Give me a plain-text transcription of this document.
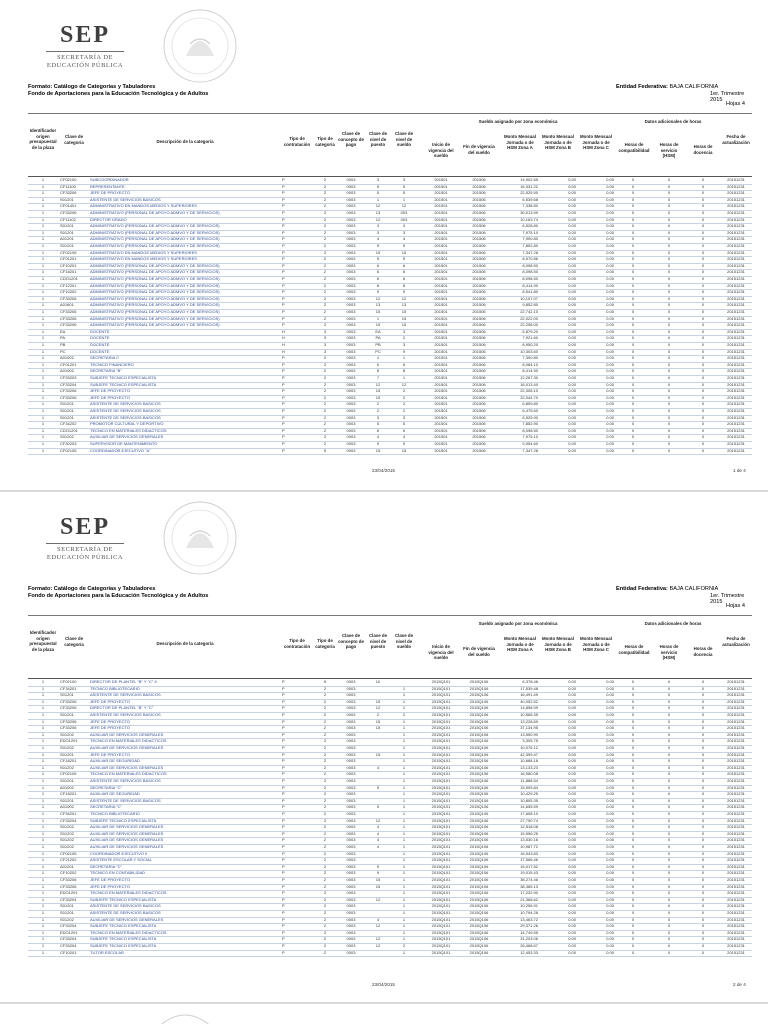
SEP
SECRETARÍA DE
EDUCACIÓN PÚBLICA
Formato: Catálogo de Categorías y Tabuladores
Fondo de Aportaciones para la Educación Tecnológica y de Adultos
Entidad Federativa: BAJA CALIFORNIA
1er. Trimestre 2015
Hojas 4
Identificador origen presupuestal de la plaza
Clave de categoría	Descripción de la categoría
Tipo de contratación
Tipo de categoría
Clave de concepto de pago
Clave de nivel de puesto
Clave de nivel de sueldo
Sueldo asignado por zona económica
Inicio de vigencia del sueldo
Fin de vigencia del sueldo
Monto Mensual Jornada o de HSM Zona A
Monto Mensual Jornada o de HSM Zona B
Monto Mensual Jornada o de HSM Zona C
Datos adicionales de horas
Horas de compatibilidad
Horas de servicio (HSM)
Horas de docencia
Fecha de actualización
1	CF02100	SUBCOORDINADOR	P	2	0003	3	3	201501	201506	14,902.65	0.00	0.00	0	0	0	20151231
1	CF11100	REPRESENTANTE	P	2	0003	5	5	201501	201506	16,331.22	0.00	0.00	0	0	0	20151231
1	CF33206	JEFE DE PROYECTO	P	2	0003	5	5	201501	201506	22,525.50	0.00	0.00	0	0	0	20151231
1	S01201	ASISTENTE DE SERVICIOS BASICOS	P	2	0003	1	1	201501	201506	6,539.68	0.00	0.00	0	0	0	20151231
1	CF01401	ADMINISTRATIVO EN MANDOS MEDIOS Y SUPERIORES	P	2	0003	12	12	201501	201506	7,338.80	0.00	0.00	0	0	0	20151231
1	CF33206	ADMINISTRATIVO (PERSONAL DE APOYO ADMVO Y DE SERVICIOS)	P	2	0003	13	003	201501	201506	30,013.99	0.00	0.00	0	0	0	20151231
1	CF11102	DIRECTOR GRADO	P	2	0003	12	003	201501	201506	10,163.74	0.00	0.00	0	0	0	20151231
1	S01201	ADMINISTRATIVO (PERSONAL DE APOYO ADMVO Y DE SERVICIOS)	P	2	0003	3	3	201501	201506	6,528.80	0.00	0.00	0	0	0	20151231
1	S01201	ADMINISTRATIVO (PERSONAL DE APOYO ADMVO Y DE SERVICIOS)	P	2	0003	3	3	201501	201506	7,975.10	0.00	0.00	0	0	0	20151231
1	A01201	ADMINISTRATIVO (PERSONAL DE APOYO ADMVO Y DE SERVICIOS)	P	2	0003	4	4	201501	201506	7,900.80	0.00	0.00	0	0	0	20151231
1	S01201	ADMINISTRATIVO (PERSONAL DE APOYO ADMVO Y DE SERVICIOS)	P	2	0003	5	5	201501	201506	7,852.80	0.00	0.00	0	0	0	20151231
1	CF02105	ADMINISTRATIVO EN MANDOS MEDIOS Y SUPERIORES	P	2	0003	15	15	201501	201506	7,347.28	0.00	0.00	0	0	0	20151231
1	CF01201	ADMINISTRATIVO EN MANDOS MEDIOS Y SUPERIORES	P	2	0003	5	5	201501	201506	8,570.86	0.00	0.00	0	0	0	20151231
1	CF10201	ADMINISTRATIVO (PERSONAL DE APOYO ADMVO Y DE SERVICIOS)	P	2	0003	6	6	201501	201506	8,098.50	0.00	0.00	0	0	0	20151231
1	CF18201	ADMINISTRATIVO (PERSONAL DE APOYO ADMVO Y DE SERVICIOS)	P	2	0003	6	6	201501	201506	8,098.50	0.00	0.00	0	0	0	20151231
1	CDO1201	ADMINISTRATIVO (PERSONAL DE APOYO ADMVO Y DE SERVICIOS)	P	2	0003	6	6	201501	201506	8,098.50	0.00	0.00	0	0	0	20151231
1	CF12201	ADMINISTRATIVO (PERSONAL DE APOYO ADMVO Y DE SERVICIOS)	P	2	0003	8	8	201501	201506	8,414.90	0.00	0.00	0	0	0	20151231
1	CF10202	ADMINISTRATIVO (PERSONAL DE APOYO ADMVO Y DE SERVICIOS)	P	2	0003	9	9	201501	201506	8,541.80	0.00	0.00	0	0	0	20151231
1	CF33206	ADMINISTRATIVO (PERSONAL DE APOYO ADMVO Y DE SERVICIOS)	P	2	0003	12	12	201501	201506	10,107.07	0.00	0.00	0	0	0	20151231
1	A01801	ADMINISTRATIVO (PERSONAL DE APOYO ADMVO Y DE SERVICIOS)	P	2	0003	13	13	201501	201506	9,852.80	0.00	0.00	0	0	0	20151231
1	CF33206	ADMINISTRATIVO (PERSONAL DE APOYO ADMVO Y DE SERVICIOS)	P	2	0003	15	15	201501	201506	22,742.10	0.00	0.00	0	0	0	20151231
1	CF33206	ADMINISTRATIVO (PERSONAL DE APOYO ADMVO Y DE SERVICIOS)	P	2	0003	1	15	201501	201506	22,022.00	0.00	0.00	0	0	0	20151231
1	CF33206	ADMINISTRATIVO (PERSONAL DE APOYO ADMVO Y DE SERVICIOS)	P	2	0003	15	15	201501	201506	22,258.00	0.00	0.00	0	0	0	20151231
1	EA	DOCENTE	H	3	0003	EA	3	201501	201506	5,879.20	0.00	0.00	0	0	0	20151231
1	PA	DOCENTE	H	3	0003	PA	2	201501	201506	7,921.60	0.00	0.00	0	0	0	20151231
1	PB	DOCENTE	H	3	0003	PB	3	201501	201506	8,950.20	0.00	0.00	0	0	0	20151231
1	PC	DOCENTE	H	3	0003	PC	9	201501	201506	10,303.60	0.00	0.00	0	0	0	20151231
1	A01002	SECRETARIA C	P	2	0003	1	1	201501	201506	7,390.80	0.00	0.00	0	0	0	20151231
1	CF01201	TECNICO FINANCIERO	P	2	0003	6	6	201501	201506	8,084.10	0.00	0.00	0	0	0	20151231
1	A01002	SECRETARIA "B"	P	2	0003	8	8	201501	201506	8,414.90	0.00	0.00	0	0	0	20151231
1	CF33203	SUBJEFE TECNICO ESPECIALISTA	P	2	0003	7	1	201501	201506	12,267.30	0.00	0.00	0	0	0	20151231
1	CF33204	SUBJEFE TECNICO ESPECIALISTA	P	2	0003	12	12	201501	201506	16,013.40	0.00	0.00	0	0	0	20151231
1	CF33206	JEFE DE PROYECTO	P	2	0003	15	2	201501	201506	22,308.10	0.00	0.00	0	0	0	20151231
1	CF33206	JEFE DE PROYECTO	P	2	0003	15	2	201501	201506	22,044.70	0.00	0.00	0	0	0	20151231
1	S01201	ASISTENTE DE SERVICIOS BASICOS	P	2	0003	2	2	201501	201506	6,859.80	0.00	0.00	0	0	0	20151231
1	S01201	ASISTENTE DE SERVICIOS BASICOS	P	2	0003	2	2	201501	201506	6,475.60	0.00	0.00	0	0	0	20151231
1	S01201	ASISTENTE DE SERVICIOS BASICOS	P	2	0003	3	3	201501	201506	6,525.90	0.00	0.00	0	0	0	20151231
1	CF34202	PROMOTOR CULTURAL Y DEPORTIVO	P	2	0003	5	5	201501	201506	7,852.90	0.00	0.00	0	0	0	20151231
1	CDO1201	TECNICO EN MATERIALES DIDACTICOS	P	2	0003	6	6	201501	201506	8,098.50	0.00	0.00	0	0	0	20151231
1	S01202	AUXILIAR DE SERVICIOS GENERALES	P	2	0003	4	4	201501	201506	7,975.10	0.00	0.00	0	0	0	20151231
1	CF30203	SUPERVISOR DE MANTENIMIENTO	P	2	0003	9	9	201501	201506	9,054.60	0.00	0.00	0	0	0	20151231
1	CF02105	COORDINADOR EJECUTIVO "A"	P	5	0003	15	15	201501	201506	7,347.28	0.00	0.00	0	0	0	20151231
23/04/2015	1 de 4
SEP
SECRETARÍA DE
EDUCACIÓN PÚBLICA
Formato: Catálogo de Categorías y Tabuladores
Fondo de Aportaciones para la Educación Tecnológica y de Adultos
Entidad Federativa: BAJA CALIFORNIA
1er. Trimestre 2015
Hojas 4
Identificador origen presupuestal de la plaza
Clave de categoría	Descripción de la categoría
Tipo de contratación
Tipo de categoría
Clave de concepto de pago
Clave de nivel de puesto
Clave de nivel de sueldo
Sueldo asignado por zona económica
Inicio de vigencia del sueldo
Fin de vigencia del sueldo
Monto Mensual Jornada o de HSM Zona A
Monto Mensual Jornada o de HSM Zona B
Monto Mensual Jornada o de HSM Zona C
Datos adicionales de horas
Horas de compatibilidad
Horas de servicio (HSM)
Horas de docencia
Fecha de actualización
1	CF02100	DIRECTOR DE PLANTEL "B" Y "C" II	P	5	0003	10	2015Q101	2015Q106	6,378.46	0.00	0.00	0	0	0	20151231
1	CF34201	TECNICO BIBLIOTECARIO	P	2	0003	1	2015Q101	2015Q106	17,539.48	0.00	0.00	0	0	0	20151231
1	S01201	ASISTENTE DE SERVICIOS BASICOS	P	2	0003	1	2015Q101	2015Q106	16,491.49	0.00	0.00	0	0	0	20151231
1	CF33206	JEFE DE PROYECTO	P	2	0003	15	1	2015Q101	2015Q106	40,052.52	0.00	0.00	0	0	0	20151231
1	CF33206	DIRECTOR DE PLANTEL "B" Y "C"	P	2	0003	12	1	2015Q101	2015Q106	14,858.99	0.00	0.00	0	0	0	20151231
1	S01201	ASISTENTE DE SERVICIOS BASICOS	P	2	0003	2	2	2015Q101	2015Q106	10,565.35	0.00	0.00	0	0	0	20151231
1	CF33206	JEFE DE PROYECTO	P	2	0003	15	1	2015Q101	2015Q106	13,228.69	0.00	0.00	0	0	0	20151231
1	CF33206	JEFE DE PROYECTO	P	2	0003	15	1	2015Q101	2015Q106	37,134.95	0.00	0.00	0	0	0	20151231
1	S01202	AUXILIAR DE SERVICIOS GENERALES	P	2	0003	1	2015Q101	2015Q106	13,550.90	0.00	0.00	0	0	0	20151231
1	EDO1201	TECNICO EN MATERIALES DIDACTICOS	P	2	0003	1	2015Q101	2015Q106	3,305.75	0.00	0.00	0	0	0	20151231
1	S01202	AUXILIAR DE SERVICIOS GENERALES	P	2	0003	1	2015Q101	2015Q106	10,076.12	0.00	0.00	0	0	0	20151231
1	S01201	JEFE DE PROYECTO	P	2	0003	15	1	2015Q101	2015Q106	42,399.47	0.00	0.00	0	0	0	20151231
1	CF18201	AUXILIAR DE SEGURIDAD	P	2	0003	1	2015Q101	2015Q106	10,688.16	0.00	0.00	0	0	0	20151231
1	S01202	AUXILIAR DE SERVICIOS GENERALES	P	2	0003	4	1	2015Q101	2015Q106	13,133.23	0.00	0.00	0	0	0	20151231
1	CF02105	TECNICO EN MATERIALES DIDACTICOS	P	2	0003	1	2015Q101	2015Q106	16,980.08	0.00	0.00	0	0	0	20151231
1	S01201	ASISTENTE DE SERVICIOS BASICOS	P	2	0003	1	2015Q101	2015Q106	11,888.54	0.00	0.00	0	0	0	20151231
1	A01002	SECRETARIA "C"	P	2	0003	5	1	2015Q101	2015Q106	15,993.84	0.00	0.00	0	0	0	20151231
1	CF18201	AUXILIAR DE SEGURIDAD	P	2	0003	1	2015Q101	2015Q106	10,429.25	0.00	0.00	0	0	0	20151231
1	S01201	ASISTENTE DE SERVICIOS BASICOS	P	2	0003	1	2015Q101	2015Q106	10,805.35	0.00	0.00	0	0	0	20151231
1	A01002	SECRETARIA "C"	P	2	0003	5	1	2015Q101	2015Q106	14,655.59	0.00	0.00	0	0	0	20151231
1	CF34201	TECNICO BIBLIOTECARIO	P	2	0003	1	2015Q101	2015Q106	17,608.10	0.00	0.00	0	0	0	20151231
1	CF33204	SUBJEFE TECNICO ESPECIALISTA	P	2	0003	12	1	2015Q101	2015Q106	27,790.74	0.00	0.00	0	0	0	20151231
1	S01202	AUXILIAR DE SERVICIOS GENERALES	P	2	0003	4	1	2015Q101	2015Q106	12,518.08	0.00	0.00	0	0	0	20151231
1	S01202	AUXILIAR DE SERVICIOS GENERALES	P	2	0003	4	1	2015Q101	2015Q106	15,956.25	0.00	0.00	0	0	0	20151231
1	S01202	AUXILIAR DE SERVICIOS GENERALES	P	2	0003	4	1	2015Q101	2015Q106	13,530.16	0.00	0.00	0	0	0	20151231
1	S01202	AUXILIAR DE SERVICIOS GENERALES	P	2	0003	4	1	2015Q101	2015Q106	10,987.72	0.00	0.00	0	0	0	20151231
1	CF02105	COORDINADOR EJECUTIVO II	P	2	0003	1	2015Q101	2015Q106	16,943.83	0.00	0.00	0	0	0	20151231
1	CF21202	ASISTENTE ESCOLAR Y SOCIAL	P	2	0003	1	2015Q101	2015Q106	17,566.46	0.00	0.00	0	0	0	20151231
1	A01201	SECRETARIA "C"	P	2	0003	5	1	2015Q101	2015Q106	15,017.52	0.00	0.00	0	0	0	20151231
1	CF10202	TECNICO EN CONTABILIDAD	P	2	0003	9	1	2015Q101	2015Q106	19,015.43	0.00	0.00	0	0	0	20151231
1	CF33206	JEFE DE PROYECTO	P	2	0003	15	1	2015Q101	2015Q106	38,274.46	0.00	0.00	0	0	0	20151231
1	CF33206	JEFE DE PROYECTO	P	2	0003	15	1	2015Q101	2015Q106	38,385.13	0.00	0.00	0	0	0	20151231
1	EDO1201	TECNICO EN MATERIALES DIDACTICOS	P	2	0003	1	2015Q101	2015Q106	17,232.90	0.00	0.00	0	0	0	20151231
1	CF33204	SUBJEFE TECNICO ESPECIALISTA	P	2	0003	12	1	2015Q101	2015Q106	21,368.62	0.00	0.00	0	0	0	20151231
1	S01201	ASISTENTE DE SERVICIOS BASICOS	P	2	0003	1	2015Q101	2015Q106	10,256.91	0.00	0.00	0	0	0	20151231
1	S01201	ASISTENTE DE SERVICIOS BASICOS	P	2	0003	1	2015Q101	2015Q106	10,794.26	0.00	0.00	0	0	0	20151231
1	S01202	AUXILIAR DE SERVICIOS GENERALES	P	2	0003	4	1	2015Q101	2015Q106	13,463.72	0.00	0.00	0	0	0	20151231
1	CF33204	SUBJEFE TECNICO ESPECIALISTA	P	2	0003	12	1	2015Q101	2015Q106	29,371.26	0.00	0.00	0	0	0	20151231
1	EDO1201	TECNICO EN MATERIALES DIDACTICOS	P	2	0003	1	2015Q101	2015Q106	14,749.55	0.00	0.00	0	0	0	20151231
1	CF33204	SUBJEFE TECNICO ESPECIALISTA	P	2	0003	12	1	2015Q101	2015Q106	31,203.06	0.00	0.00	0	0	0	20151231
1	CF33204	SUBJEFE TECNICO ESPECIALISTA	P	2	0003	12	2	2015Q101	2015Q106	26,468.67	0.00	0.00	0	0	0	20151231
1	CF10201	TUTOR ESCOLAR	P	2	0003	1	2015Q101	2015Q106	12,453.33	0.00	0.00	0	0	0	20151231
23/04/2015	2 de 4
